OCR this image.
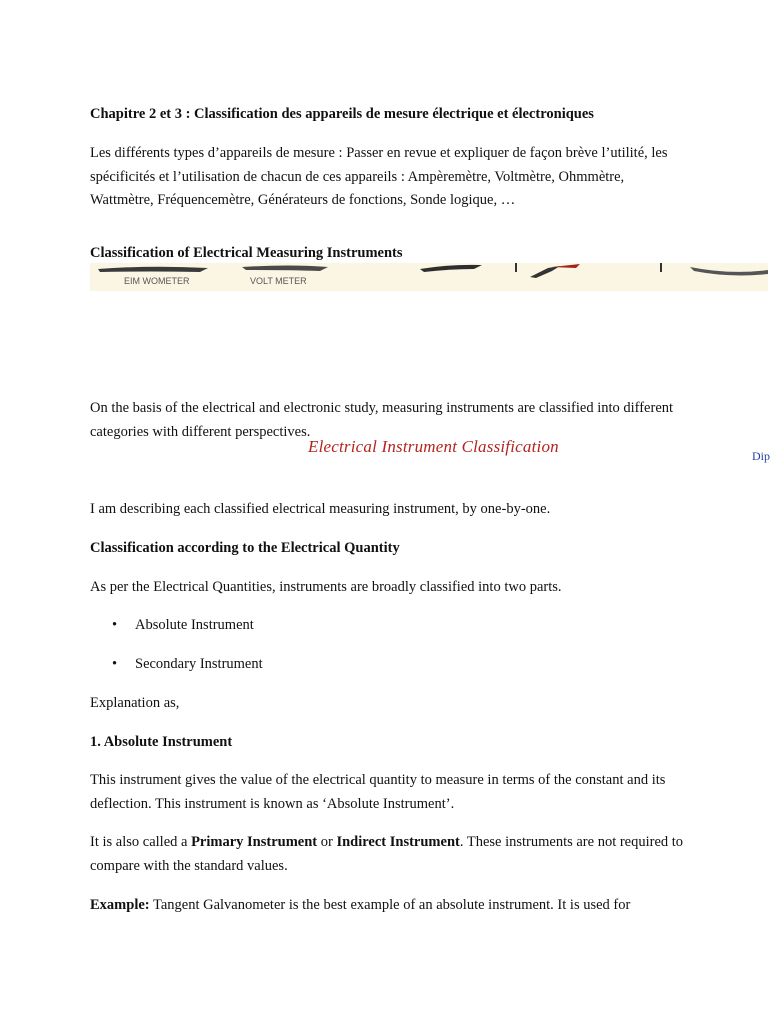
Chapitre 2 et 3 : Classification des appareils de mesure électrique et électroniques

Les différents types d’appareils de mesure : Passer en revue et expliquer de façon brève l’utilité, les spécificités et l’utilisation de chacun de ces appareils : Ampèremètre, Voltmètre, Ohmmètre, Wattmètre, Fréquencemètre, Générateurs de fonctions, Sonde logique, …

Classification of Electrical Measuring Instruments

EIM WOMETER	VOLT METER

On the basis of the electrical and electronic study, measuring instruments are classified into different categories with different perspectives.

Electrical Instrument Classification	Dip

I am describing each classified electrical measuring instrument, by one-by-one.

Classification according to the Electrical Quantity

As per the Electrical Quantities, instruments are broadly classified into two parts.

• Absolute Instrument
• Secondary Instrument

Explanation as,

1. Absolute Instrument

This instrument gives the value of the electrical quantity to measure in terms of the constant and its deflection. This instrument is known as ‘Absolute Instrument’.

It is also called a Primary Instrument or Indirect Instrument. These instruments are not required to compare with the standard values.

Example: Tangent Galvanometer is the best example of an absolute instrument. It is used for
